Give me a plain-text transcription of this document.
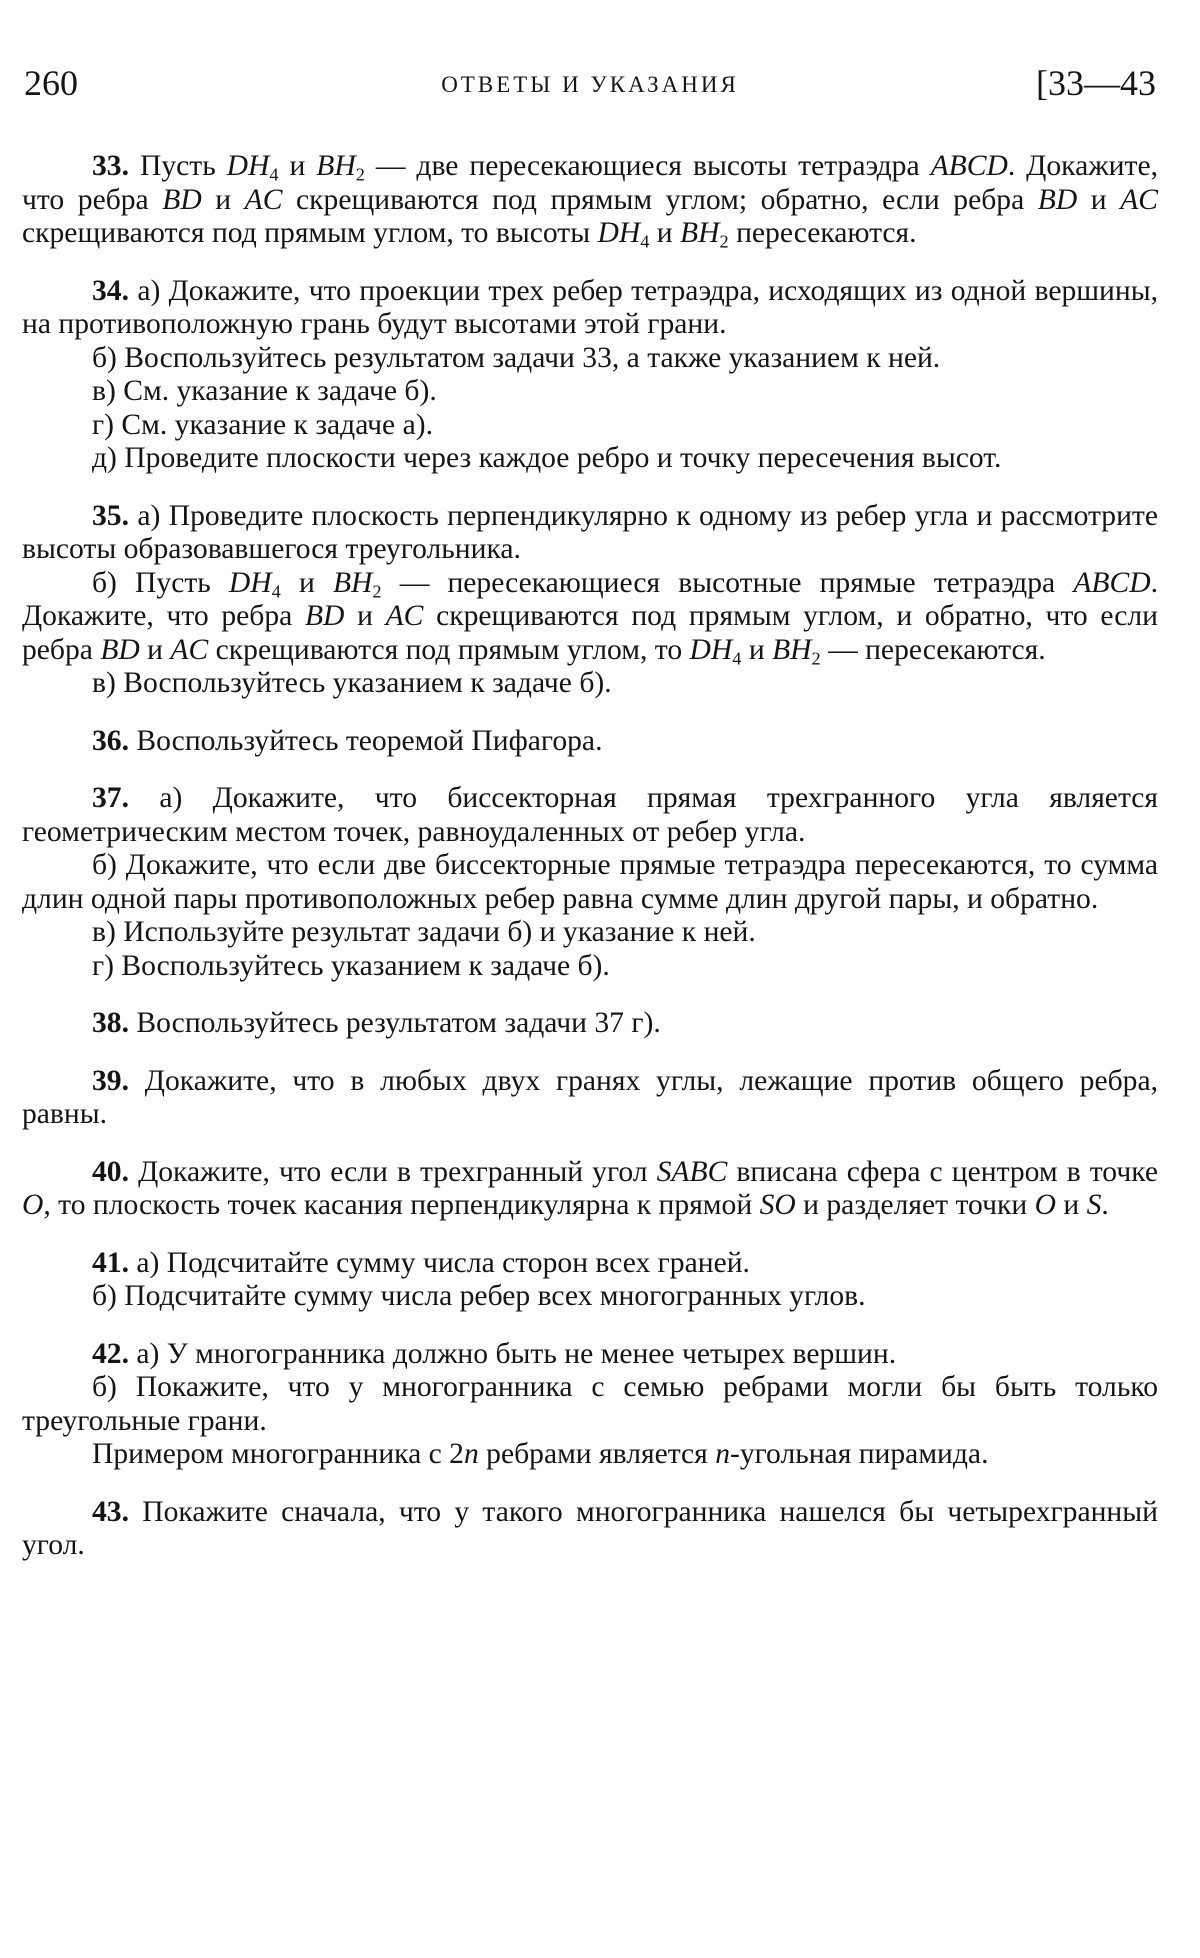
260	ОТВЕТЫ И УКАЗАНИЯ	[33—43
33. Пусть $DH_4$ и $BH_2$ — две пересекающиеся высоты тетраэдра ABCD. Докажите, что ребра BD и AC скрещиваются под прямым углом; обратно, если ребра BD и AC скрещиваются под прямым углом, то высоты $DH_4$ и $BH_2$ пересекаются.
34. а) Докажите, что проекции трех ребер тетраэдра, исходящих из одной вершины, на противоположную грань будут высотами этой грани.
б) Воспользуйтесь результатом задачи 33, а также указанием к ней.
в) См. указание к задаче б).
г) См. указание к задаче а).
д) Проведите плоскости через каждое ребро и точку пересечения высот.
35. а) Проведите плоскость перпендикулярно к одному из ребер угла и рассмотрите высоты образовавшегося треугольника.
б) Пусть $DH_4$ и $BH_2$ — пересекающиеся высотные прямые тетраэдра ABCD. Докажите, что ребра BD и AC скрещиваются под прямым углом, и обратно, что если ребра BD и AC скрещиваются под прямым углом, то $DH_4$ и $BH_2$ — пересекаются.
в) Воспользуйтесь указанием к задаче б).
36. Воспользуйтесь теоремой Пифагора.
37. а) Докажите, что биссекторная прямая трехгранного угла является геометрическим местом точек, равноудаленных от ребер угла.
б) Докажите, что если две биссекторные прямые тетраэдра пересекаются, то сумма длин одной пары противоположных ребер равна сумме длин другой пары, и обратно.
в) Используйте результат задачи б) и указание к ней.
г) Воспользуйтесь указанием к задаче б).
38. Воспользуйтесь результатом задачи 37 г).
39. Докажите, что в любых двух гранях углы, лежащие против общего ребра, равны.
40. Докажите, что если в трехгранный угол SABC вписана сфера с центром в точке O, то плоскость точек касания перпендикулярна к прямой SO и разделяет точки O и S.
41. а) Подсчитайте сумму числа сторон всех граней.
б) Подсчитайте сумму числа ребер всех многогранных углов.
42. а) У многогранника должно быть не менее четырех вершин.
б) Покажите, что у многогранника с семью ребрами могли бы быть только треугольные грани.
Примером многогранника с 2n ребрами является n-угольная пирамида.
43. Покажите сначала, что у такого многогранника нашелся бы четырехгранный угол.
